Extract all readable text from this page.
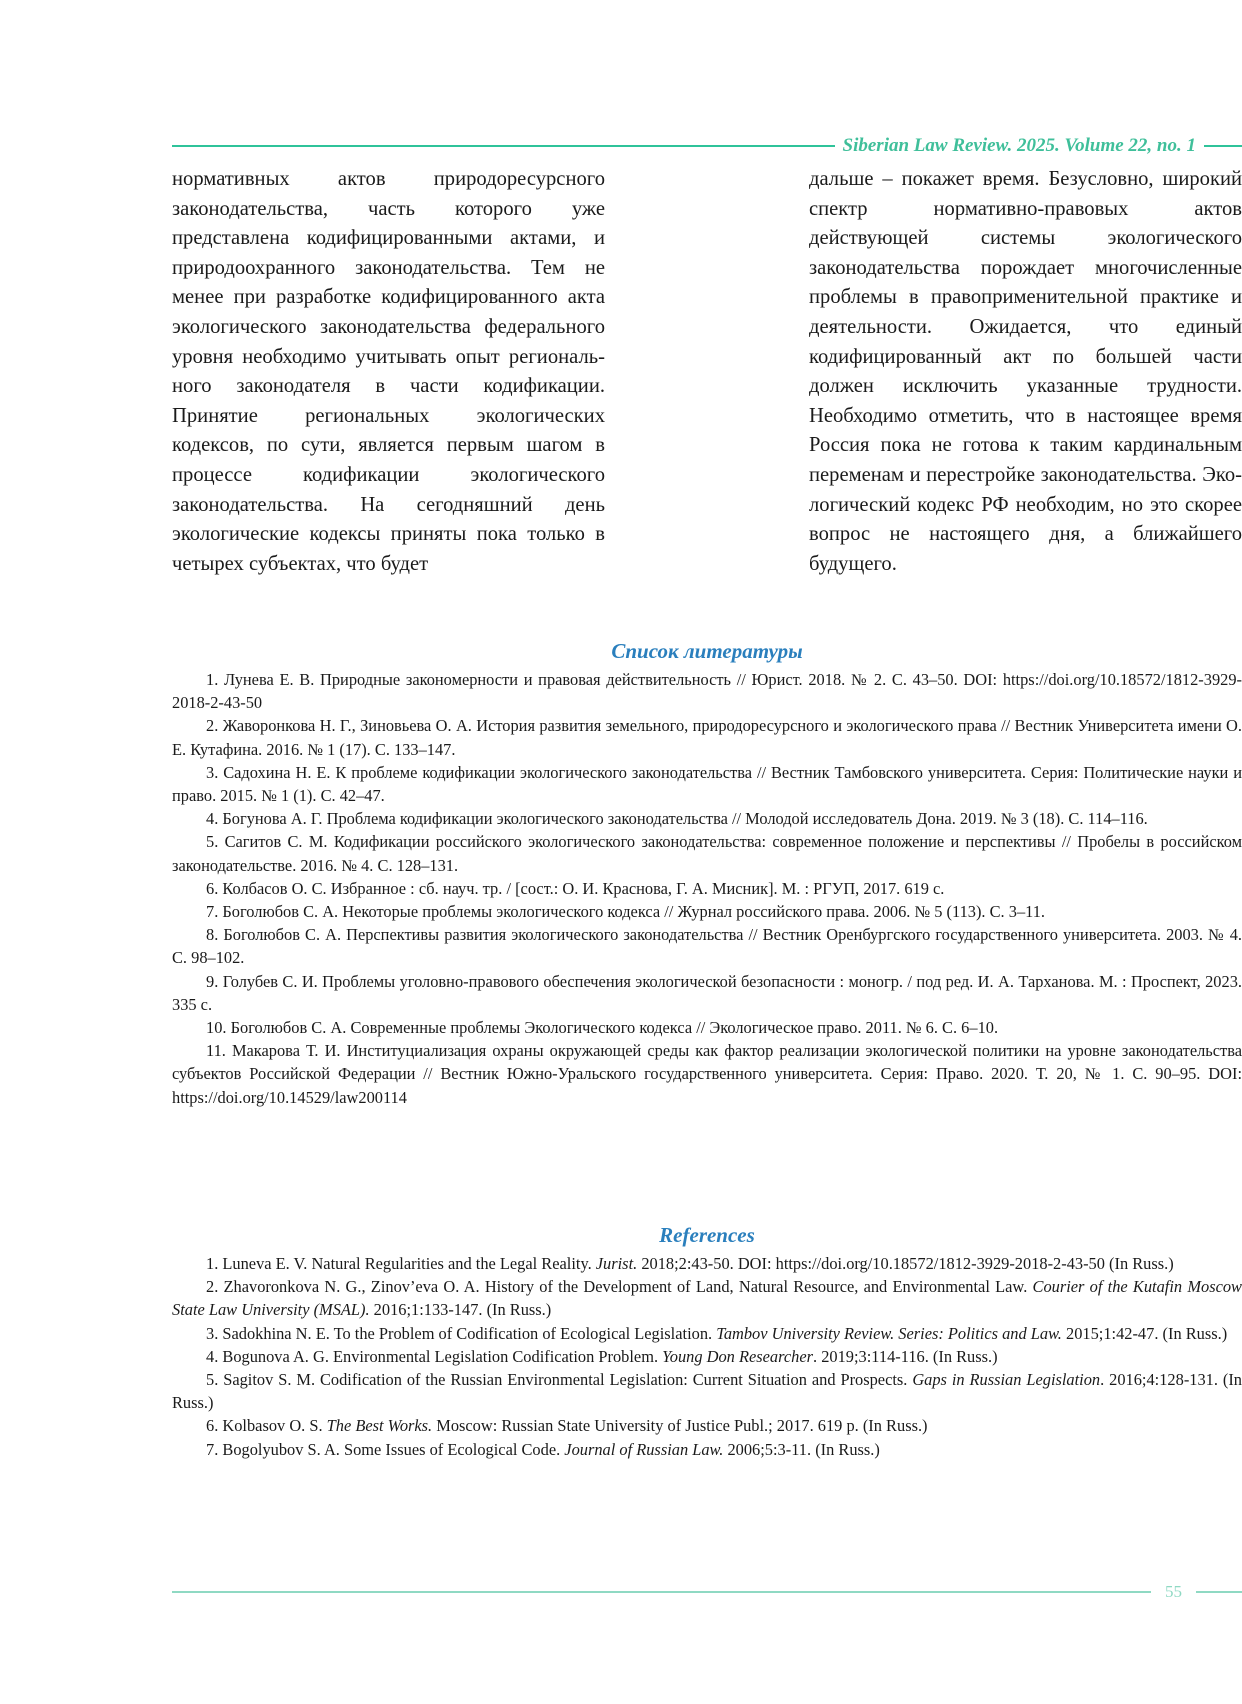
Siberian Law Review. 2025. Volume 22, no. 1

нормативных актов природоресурсного законодательства, часть которого уже представлена кодифицированными актами, и природоохранного законодательства. Тем не менее при разработке кодифицированного акта экологического законодательства федерального уровня необходимо учитывать опыт регионального законодателя в части кодификации. Принятие региональных экологических кодексов, по сути, является первым шагом в процессе кодификации экологического законодательства. На сегодняшний день экологические кодексы приняты пока только в четырех субъектах, что будет

дальше – покажет время. Безусловно, широкий спектр нормативно-правовых актов действующей системы экологического законодательства порождает многочисленные проблемы в правоприменительной практике и деятельности. Ожидается, что единый кодифицированный акт по большей части должен исключить указанные трудности. Необходимо отметить, что в настоящее время Россия пока не готова к таким кардинальным переменам и перестройке законодательства. Экологический кодекс РФ необходим, но это скорее вопрос не настоящего дня, а ближайшего будущего.

Список литературы

1. Лунева Е. В. Природные закономерности и правовая действительность // Юрист. 2018. № 2. С. 43–50. DOI: https://doi.org/10.18572/1812-3929-2018-2-43-50

2. Жаворонкова Н. Г., Зиновьева О. А. История развития земельного, природоресурсного и экологического права // Вестник Университета имени О. Е. Кутафина. 2016. № 1 (17). С. 133–147.

3. Садохина Н. Е. К проблеме кодификации экологического законодательства // Вестник Тамбовского университета. Серия: Политические науки и право. 2015. № 1 (1). С. 42–47.

4. Богунова А. Г. Проблема кодификации экологического законодательства // Молодой исследователь Дона. 2019. № 3 (18). С. 114–116.

5. Сагитов С. М. Кодификации российского экологического законодательства: современное положение и перспективы // Пробелы в российском законодательстве. 2016. № 4. С. 128–131.

6. Колбасов О. С. Избранное : сб. науч. тр. / [сост.: О. И. Краснова, Г. А. Мисник]. М. : РГУП, 2017. 619 с.

7. Боголюбов С. А. Некоторые проблемы экологического кодекса // Журнал российского права. 2006. № 5 (113). С. 3–11.

8. Боголюбов С. А. Перспективы развития экологического законодательства // Вестник Оренбургского государственного университета. 2003. № 4. С. 98–102.

9. Голубев С. И. Проблемы уголовно-правового обеспечения экологической безопасности : моногр. / под ред. И. А. Тарханова. М. : Проспект, 2023. 335 с.

10. Боголюбов С. А. Современные проблемы Экологического кодекса // Экологическое право. 2011. № 6. С. 6–10.

11. Макарова Т. И. Институциализация охраны окружающей среды как фактор реализации экологической политики на уровне законодательства субъектов Российской Федерации // Вестник Южно-Уральского государственного университета. Серия: Право. 2020. Т. 20, № 1. С. 90–95. DOI: https://doi.org/10.14529/law200114

References

1. Luneva E. V. Natural Regularities and the Legal Reality. Jurist. 2018;2:43-50. DOI: https://doi.org/10.18572/1812-3929-2018-2-43-50 (In Russ.)

2. Zhavoronkova N. G., Zinov’eva O. A. History of the Development of Land, Natural Resource, and Environmental Law. Courier of the Kutafin Moscow State Law University (MSAL). 2016;1:133-147. (In Russ.)

3. Sadokhina N. E. To the Problem of Codification of Ecological Legislation. Tambov University Review. Series: Politics and Law. 2015;1:42-47. (In Russ.)

4. Bogunova A. G. Environmental Legislation Codification Problem. Young Don Researcher. 2019;3:114-116. (In Russ.)

5. Sagitov S. M. Codification of the Russian Environmental Legislation: Current Situation and Prospects. Gaps in Russian Legislation. 2016;4:128-131. (In Russ.)

6. Kolbasov O. S. The Best Works. Moscow: Russian State University of Justice Publ.; 2017. 619 p. (In Russ.)

7. Bogolyubov S. A. Some Issues of Ecological Code. Journal of Russian Law. 2006;5:3-11. (In Russ.)

55
